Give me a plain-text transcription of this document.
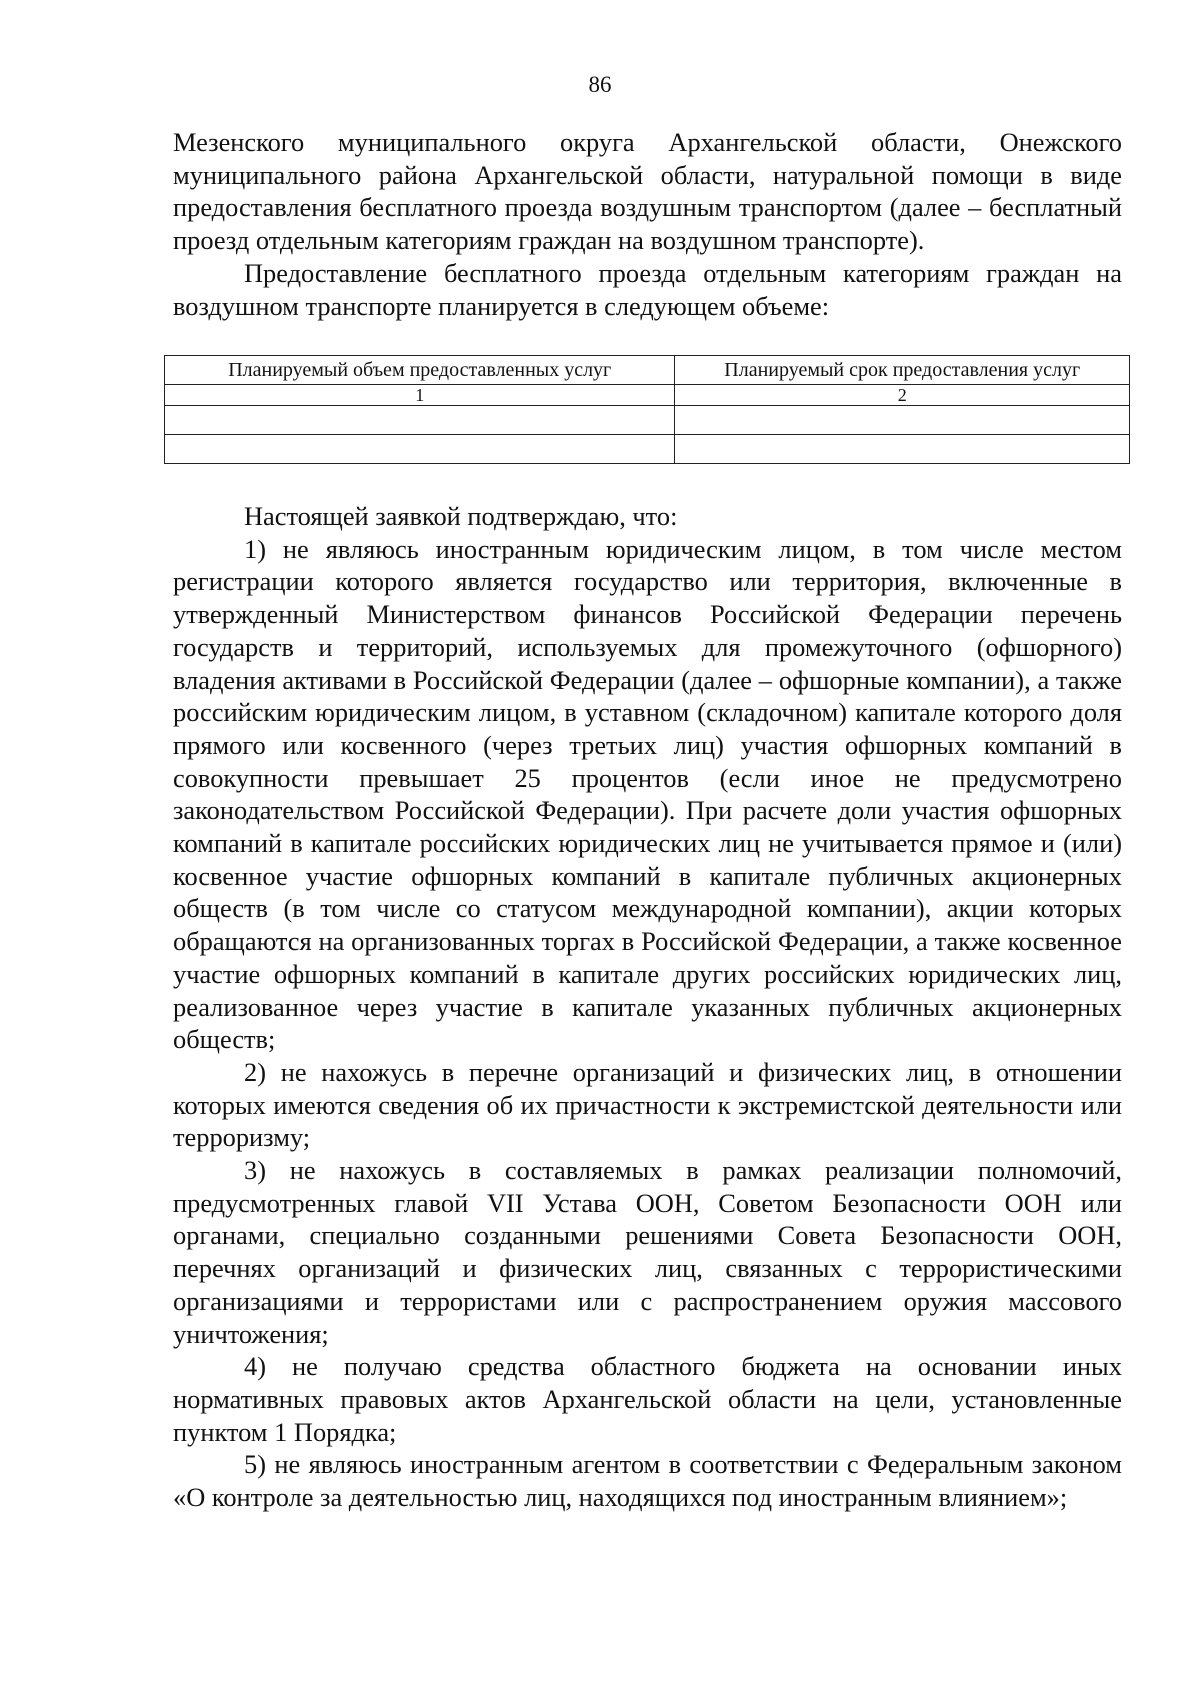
86

Мезенского муниципального округа Архангельской области, Онежского муниципального района Архангельской области, натуральной помощи в виде предоставления бесплатного проезда воздушным транспортом (далее – бесплатный проезд отдельным категориям граждан на воздушном транспорте).

Предоставление бесплатного проезда отдельным категориям граждан на воздушном транспорте планируется в следующем объеме:

Планируемый объем предоставленных услуг	Планируемый срок предоставления услуг
1	2

Настоящей заявкой подтверждаю, что:

1) не являюсь иностранным юридическим лицом, в том числе местом регистрации которого является государство или территория, включенные в утвержденный Министерством финансов Российской Федерации перечень государств и территорий, используемых для промежуточного (офшорного) владения активами в Российской Федерации (далее – офшорные компании), а также российским юридическим лицом, в уставном (складочном) капитале которого доля прямого или косвенного (через третьих лиц) участия офшорных компаний в совокупности превышает 25 процентов (если иное не предусмотрено законодательством Российской Федерации). При расчете доли участия офшорных компаний в капитале российских юридических лиц не учитывается прямое и (или) косвенное участие офшорных компаний в капитале публичных акционерных обществ (в том числе со статусом международной компании), акции которых обращаются на организованных торгах в Российской Федерации, а также косвенное участие офшорных компаний в капитале других российских юридических лиц, реализованное через участие в капитале указанных публичных акционерных обществ;

2) не нахожусь в перечне организаций и физических лиц, в отношении которых имеются сведения об их причастности к экстремистской деятельности или терроризму;

3) не нахожусь в составляемых в рамках реализации полномочий, предусмотренных главой VII Устава ООН, Советом Безопасности ООН или органами, специально созданными решениями Совета Безопасности ООН, перечнях организаций и физических лиц, связанных с террористическими организациями и террористами или с распространением оружия массового уничтожения;

4) не получаю средства областного бюджета на основании иных нормативных правовых актов Архангельской области на цели, установленные пунктом 1 Порядка;

5) не являюсь иностранным агентом в соответствии с Федеральным законом «О контроле за деятельностью лиц, находящихся под иностранным влиянием»;
